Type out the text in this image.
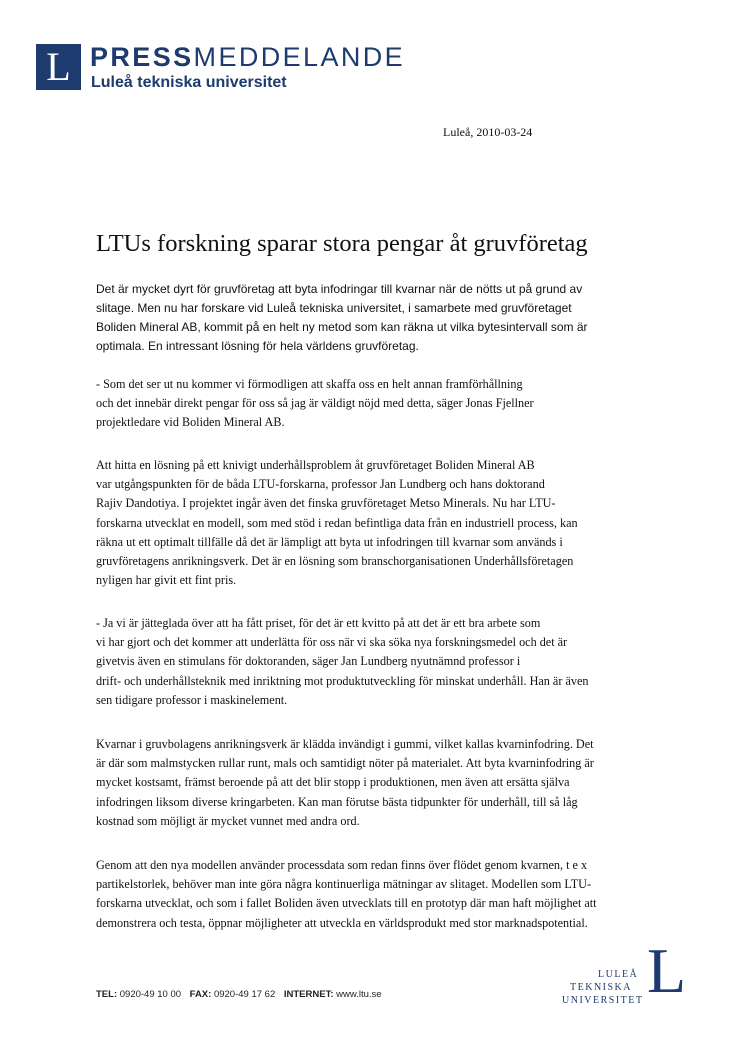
L PRESSMEDDELANDE
Luleå tekniska universitet
Luleå, 2010-03-24
LTUs forskning sparar stora pengar åt gruvföretag
Det är mycket dyrt för gruvföretag att byta infodringar till kvarnar när de nötts ut på grund av
slitage. Men nu har forskare vid Luleå tekniska universitet, i samarbete med gruvföretaget
Boliden Mineral AB, kommit på en helt ny metod som kan räkna ut vilka bytesintervall som är
optimala. En intressant lösning för hela världens gruvföretag.
- Som det ser ut nu kommer vi förmodligen att skaffa oss en helt annan framförhållning
och det innebär direkt pengar för oss så jag är väldigt nöjd med detta, säger Jonas Fjellner
projektledare vid Boliden Mineral AB.
Att hitta en lösning på ett knivigt underhållsproblem åt gruvföretaget Boliden Mineral AB
var utgångspunkten för de båda LTU-forskarna, professor Jan Lundberg och hans doktorand
Rajiv Dandotiya. I projektet ingår även det finska gruvföretaget Metso Minerals. Nu har LTU-
forskarna utvecklat en modell, som med stöd i redan befintliga data från en industriell process, kan
räkna ut ett optimalt tillfälle då det är lämpligt att byta ut infodringen till kvarnar som används i
gruvföretagens anrikningsverk. Det är en lösning som branschorganisationen Underhållsföretagen
nyligen har givit ett fint pris.
- Ja vi är jätteglada över att ha fått priset, för det är ett kvitto på att det är ett bra arbete som
vi har gjort och det kommer att underlätta för oss när vi ska söka nya forskningsmedel och det är
givetvis även en stimulans för doktoranden, säger Jan Lundberg nyutnämnd professor i
drift- och underhållsteknik med inriktning mot produktutveckling för minskat underhåll. Han är även
sen tidigare professor i maskinelement.
Kvarnar i gruvbolagens anrikningsverk är klädda invändigt i gummi, vilket kallas kvarninfodring. Det
är där som malmstycken rullar runt, mals och samtidigt nöter på materialet. Att byta kvarninfodring är
mycket kostsamt, främst beroende på att det blir stopp i produktionen, men även att ersätta själva
infodringen liksom diverse kringarbeten. Kan man förutse bästa tidpunkter för underhåll, till så låg
kostnad som möjligt är mycket vunnet med andra ord.
Genom att den nya modellen använder processdata som redan finns över flödet genom kvarnen, t e x
partikelstorlek, behöver man inte göra några kontinuerliga mätningar av slitaget. Modellen som LTU-
forskarna utvecklat, och som i fallet Boliden även utvecklats till en prototyp där man haft möjlighet att
demonstrera och testa, öppnar möjligheter att utveckla en världsprodukt med stor marknadspotential.
TEL: 0920-49 10 00 FAX: 0920-49 17 62 INTERNET: www.ltu.se
LULEÅ
TEKNISKA
UNIVERSITET L
